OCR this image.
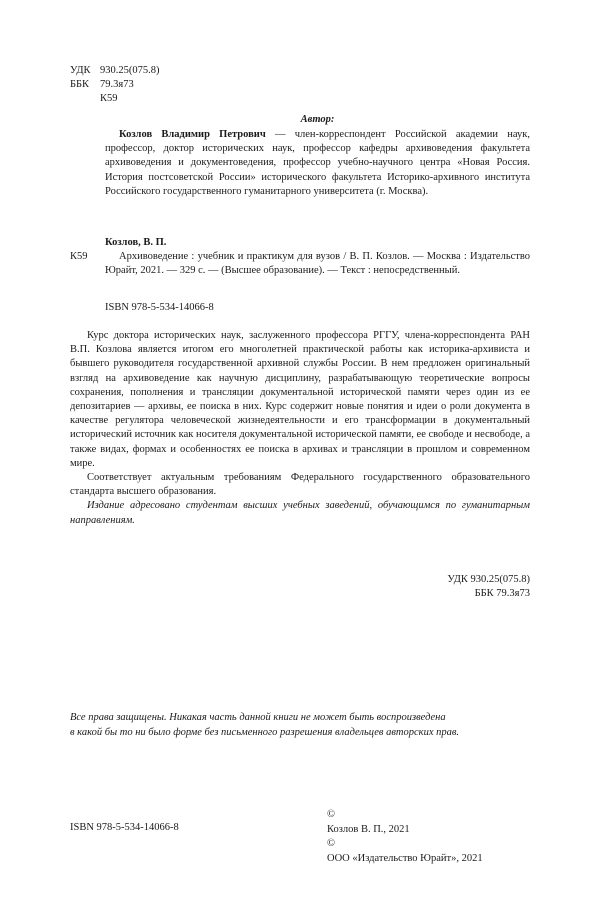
УДК 930.25(075.8)
ББК 79.3я73
К59
Автор:
Козлов Владимир Петрович — член-корреспондент Российской академии наук, профессор, доктор исторических наук, профессор кафедры архивоведения факультета архивоведения и документоведения, профессор учебно-научного центра «Новая Россия. История постсоветской России» исторического факультета Историко-архивного института Российского государственного гуманитарного университета (г. Москва).
К59
Козлов, В. П.
Архивоведение : учебник и практикум для вузов / В. П. Козлов. — Москва : Издательство Юрайт, 2021. — 329 с. — (Высшее образование). — Текст : непосредственный.
ISBN 978-5-534-14066-8

Курс доктора исторических наук, заслуженного профессора РГГУ, члена-корреспондента РАН В.П. Козлова является итогом его многолетней практической работы как историка-архивиста и бывшего руководителя государственной архивной службы России. В нем предложен оригинальный взгляд на архивоведение как научную дисциплину, разрабатывающую теоретические вопросы сохранения, пополнения и трансляции документальной исторической памяти через один из ее депозитариев — архивы, ее поиска в них. Курс содержит новые понятия и идеи о роли документа в качестве регулятора человеческой жизнедеятельности и его трансформации в документальный исторический источник как носителя документальной исторической памяти, ее свободе и несвободе, а также видах, формах и особенностях ее поиска в архивах и трансляции в прошлом и современном мире.

Соответствует актуальным требованиям Федерального государственного образовательного стандарта высшего образования.

Издание адресовано студентам высших учебных заведений, обучающимся по гуманитарным направлениям.

УДК 930.25(075.8)
ББК 79.3я73
Все права защищены. Никакая часть данной книги не может быть воспроизведена
в какой бы то ни было форме без письменного разрешения владельцев авторских прав.
ISBN 978-5-534-14066-8
©
Козлов В. П., 2021
©
ООО «Издательство Юрайт», 2021
